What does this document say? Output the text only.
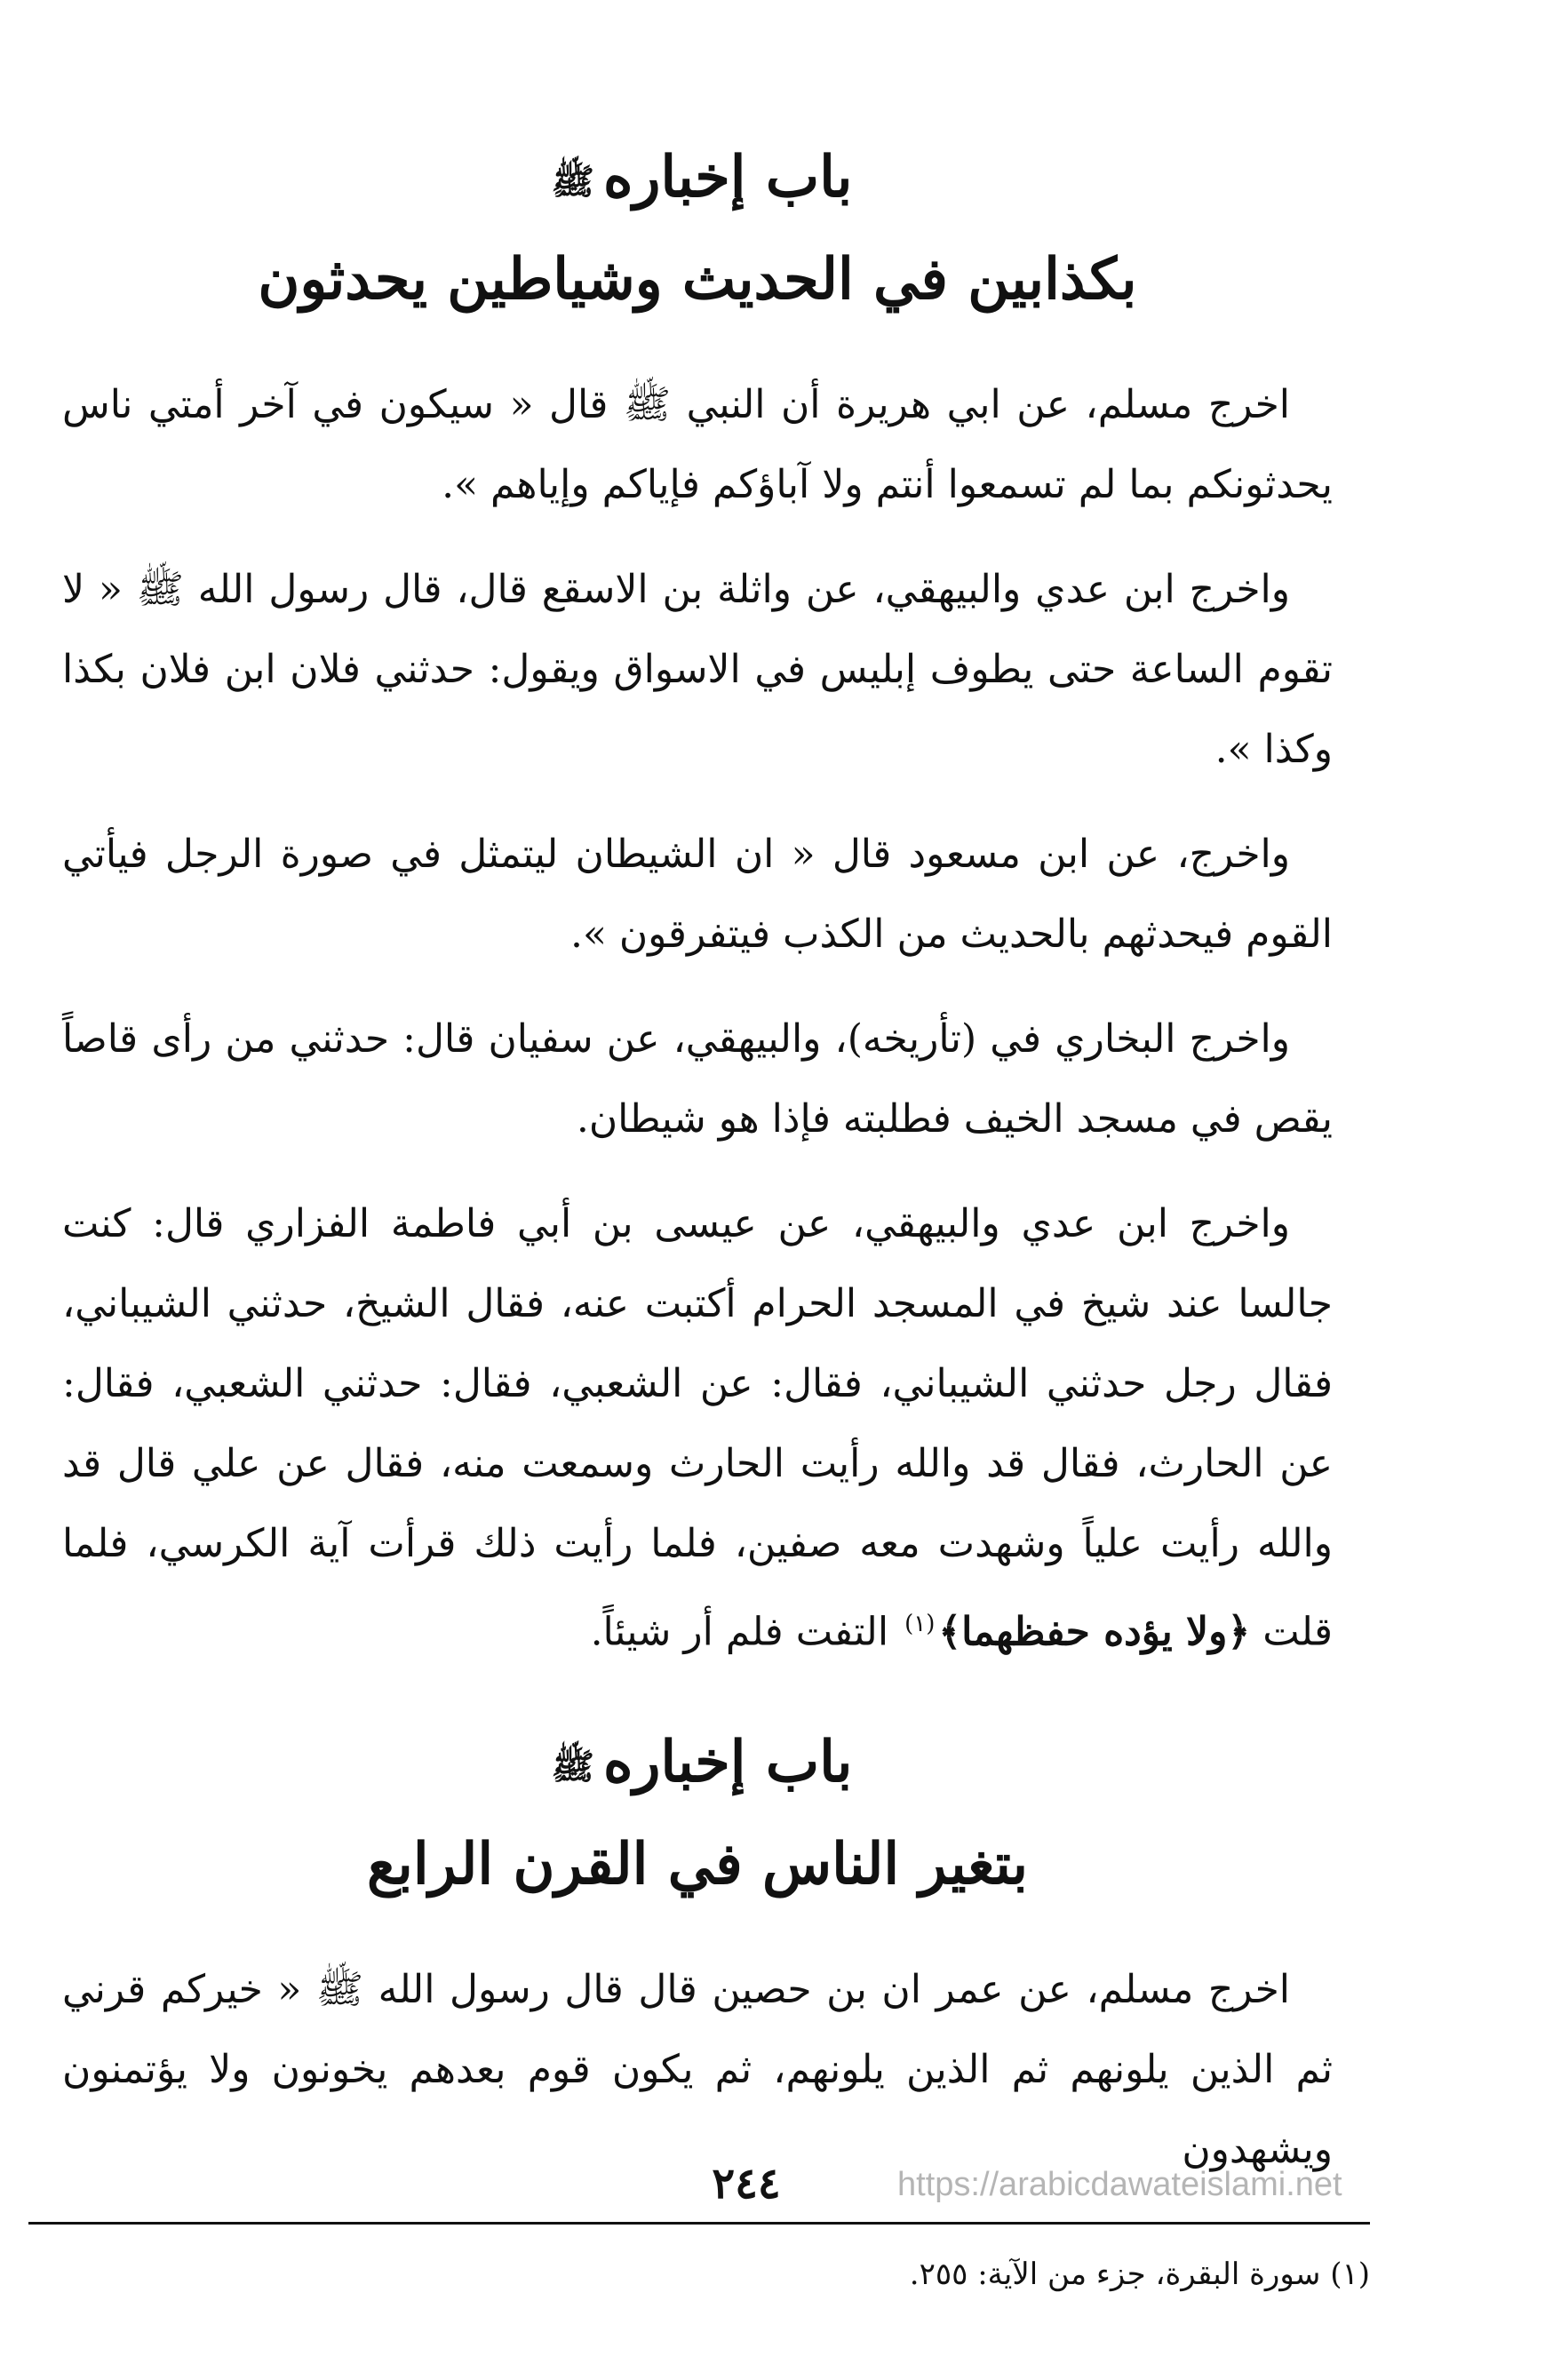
باب إخبارهﷺ
بكذابين في الحديث وشياطين يحدثون

اخرج مسلم، عن ابي هريرة أن النبي ﷺ قال « سيكون في آخر أمتي ناس يحدثونكم بما لم تسمعوا أنتم ولا آباؤكم فإياكم وإياهم ».

واخرج ابن عدي والبيهقي، عن واثلة بن الاسقع قال، قال رسول الله ﷺ « لا تقوم الساعة حتى يطوف إبليس في الاسواق ويقول: حدثني فلان ابن فلان بكذا وكذا ».

واخرج، عن ابن مسعود قال « ان الشيطان ليتمثل في صورة الرجل فيأتي القوم فيحدثهم بالحديث من الكذب فيتفرقون ».

واخرج البخاري في (تأريخه)، والبيهقي، عن سفيان قال: حدثني من رأى قاصاً يقص في مسجد الخيف فطلبته فإذا هو شيطان.

واخرج ابن عدي والبيهقي، عن عيسى بن أبي فاطمة الفزاري قال: كنت جالسا عند شيخ في المسجد الحرام أكتبت عنه، فقال الشيخ، حدثني الشيباني، فقال رجل حدثني الشيباني، فقال: عن الشعبي، فقال: حدثني الشعبي، فقال: عن الحارث، فقال قد والله رأيت الحارث وسمعت منه، فقال عن علي قال قد والله رأيت علياً وشهدت معه صفين، فلما رأيت ذلك قرأت آية الكرسي، فلما قلت ﴿ولا يؤده حفظهما﴾$^{(١)}$ التفت فلم أر شيئاً.

باب إخبارهﷺ
بتغير الناس في القرن الرابع

اخرج مسلم، عن عمر ان بن حصين قال قال رسول الله ﷺ « خيركم قرني ثم الذين يلونهم ثم الذين يلونهم، ثم يكون قوم بعدهم يخونون ولا يؤتمنون ويشهدون

(١) سورة البقرة، جزء من الآية: ٢٥٥.
٢٤٤	https://arabicdawateislami.net
